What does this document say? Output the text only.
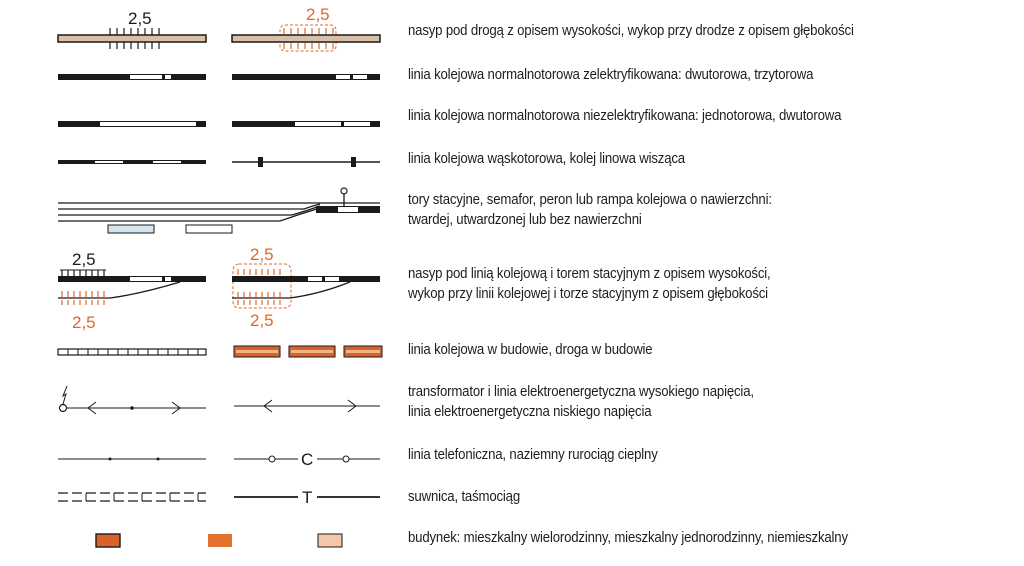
2,5	2,5
2,5
2,5
2,5
2,5
C
T
nasyp pod drogą z opisem wysokości, wykop przy drodze z opisem głębokości
linia kolejowa normalnotorowa zelektryfikowana: dwutorowa, trzytorowa
linia kolejowa normalnotorowa niezelektryfikowana: jednotorowa, dwutorowa
linia kolejowa wąskotorowa, kolej linowa wisząca
tory stacyjne, semafor, peron lub rampa kolejowa o nawierzchni:
twardej, utwardzonej lub bez nawierzchni
nasyp pod linią kolejową i torem stacyjnym z opisem wysokości,
wykop przy linii kolejowej i torze stacyjnym z opisem głębokości
linia kolejowa w budowie, droga w budowie
transformator i linia elektroenergetyczna wysokiego napięcia,
linia elektroenergetyczna niskiego napięcia
linia telefoniczna, naziemny rurociąg cieplny
suwnica, taśmociąg
budynek: mieszkalny wielorodzinny, mieszkalny jednorodzinny, niemieszkalny
